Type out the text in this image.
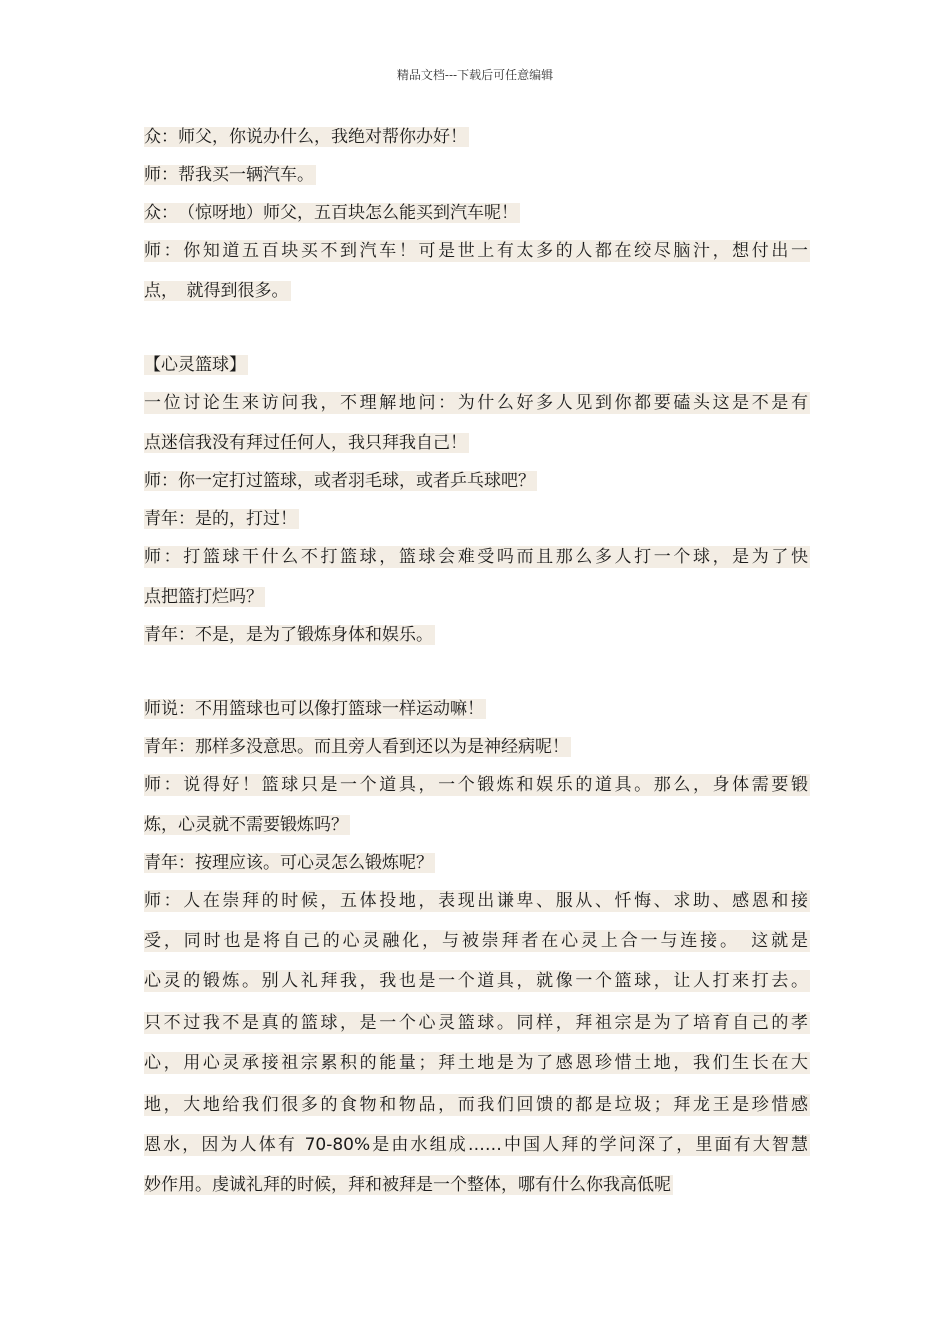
精品文档---下载后可任意编辑
众：师父，你说办什么，我绝对帮你办好！
师：帮我买一辆汽车。
众：　（惊呀地）师父，五百块怎么能买到汽车呢！
师：你知道五百块买不到汽车！可是世上有太多的人都在绞尽脑汁，想付出一
点，　就得到很多。
【心灵篮球】
一位讨论生来访问我，不理解地问：为什么好多人见到你都要磕头这是不是有
点迷信我没有拜过任何人，我只拜我自己！
师：你一定打过篮球，或者羽毛球，或者乒乓球吧？
青年：是的，打过！
师：打篮球干什么不打篮球，篮球会难受吗而且那么多人打一个球，是为了快
点把篮打烂吗？
青年：不是，是为了锻炼身体和娱乐。
师说：不用篮球也可以像打篮球一样运动嘛！
青年：那样多没意思。而且旁人看到还以为是神经病呢！
师：说得好！篮球只是一个道具，一个锻炼和娱乐的道具。那么，身体需要锻
炼，心灵就不需要锻炼吗？
青年：按理应该。可心灵怎么锻炼呢？
师：人在崇拜的时候，五体投地，表现出谦卑、服从、忏悔、求助、感恩和接
受，同时也是将自己的心灵融化，与被崇拜者在心灵上合一与连接。　这就是
心灵的锻炼。别人礼拜我，我也是一个道具，就像一个篮球，让人打来打去。
只不过我不是真的篮球，是一个心灵篮球。同样，拜祖宗是为了培育自己的孝
心，用心灵承接祖宗累积的能量；拜土地是为了感恩珍惜土地，我们生长在大
地，大地给我们很多的食物和物品，而我们回馈的都是垃圾；拜龙王是珍惜感
恩水，因为人体有 70-80%是由水组成……中国人拜的学问深了，里面有大智慧
妙作用。虔诚礼拜的时候，拜和被拜是一个整体，哪有什么你我高低呢
